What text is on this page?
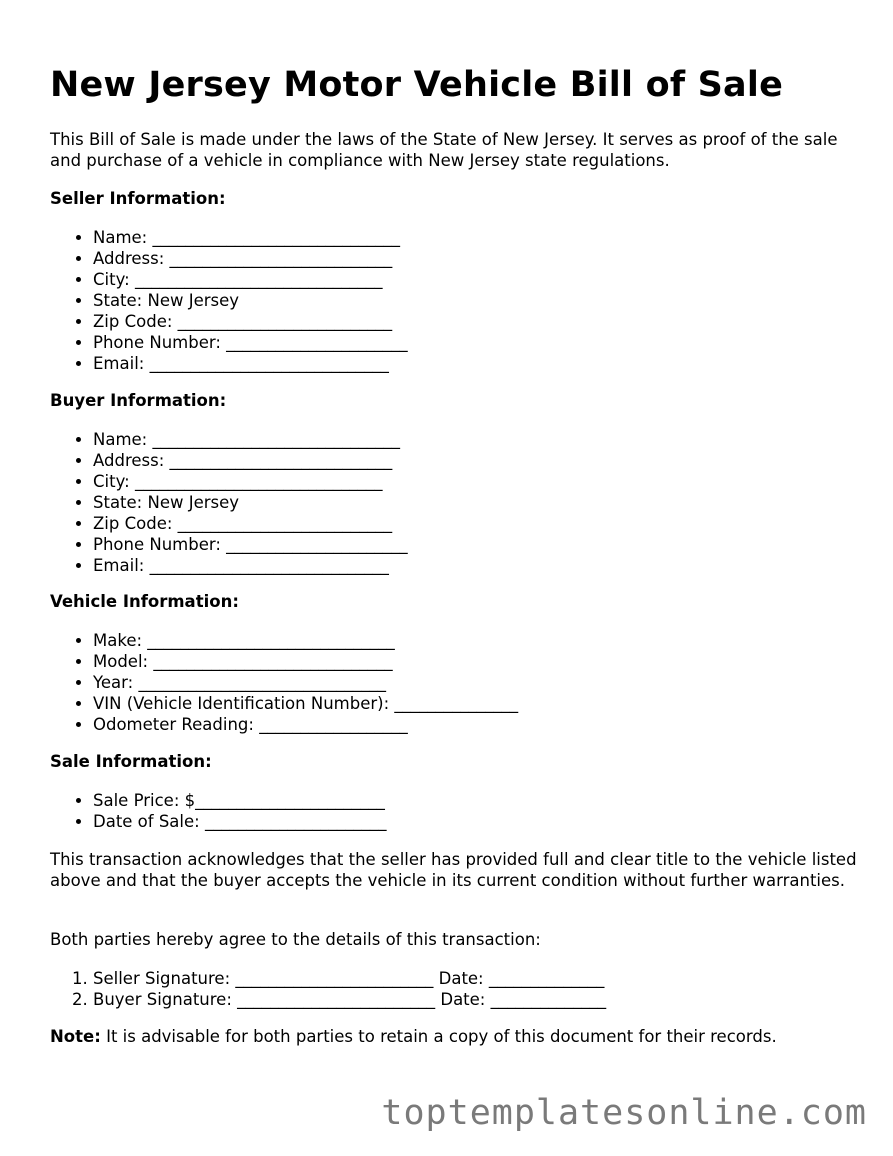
New Jersey Motor Vehicle Bill of Sale

This Bill of Sale is made under the laws of the State of New Jersey. It serves as proof of the sale and purchase of a vehicle in compliance with New Jersey state regulations.

Seller Information:

• Name: ______________________________
• Address: ___________________________
• City: ______________________________
• State: New Jersey
• Zip Code: __________________________
• Phone Number: ______________________
• Email: _____________________________

Buyer Information:

• Name: ______________________________
• Address: ___________________________
• City: ______________________________
• State: New Jersey
• Zip Code: __________________________
• Phone Number: ______________________
• Email: _____________________________

Vehicle Information:

• Make: ______________________________
• Model: _____________________________
• Year: ______________________________
• VIN (Vehicle Identification Number): _______________
• Odometer Reading: __________________

Sale Information:

• Sale Price: $_______________________
• Date of Sale: ______________________

This transaction acknowledges that the seller has provided full and clear title to the vehicle listed above and that the buyer accepts the vehicle in its current condition without further warranties.

Both parties hereby agree to the details of this transaction:

1. Seller Signature: ________________________ Date: ______________
2. Buyer Signature: ________________________ Date: ______________

Note: It is advisable for both parties to retain a copy of this document for their records.

toptemplatesonline.com
